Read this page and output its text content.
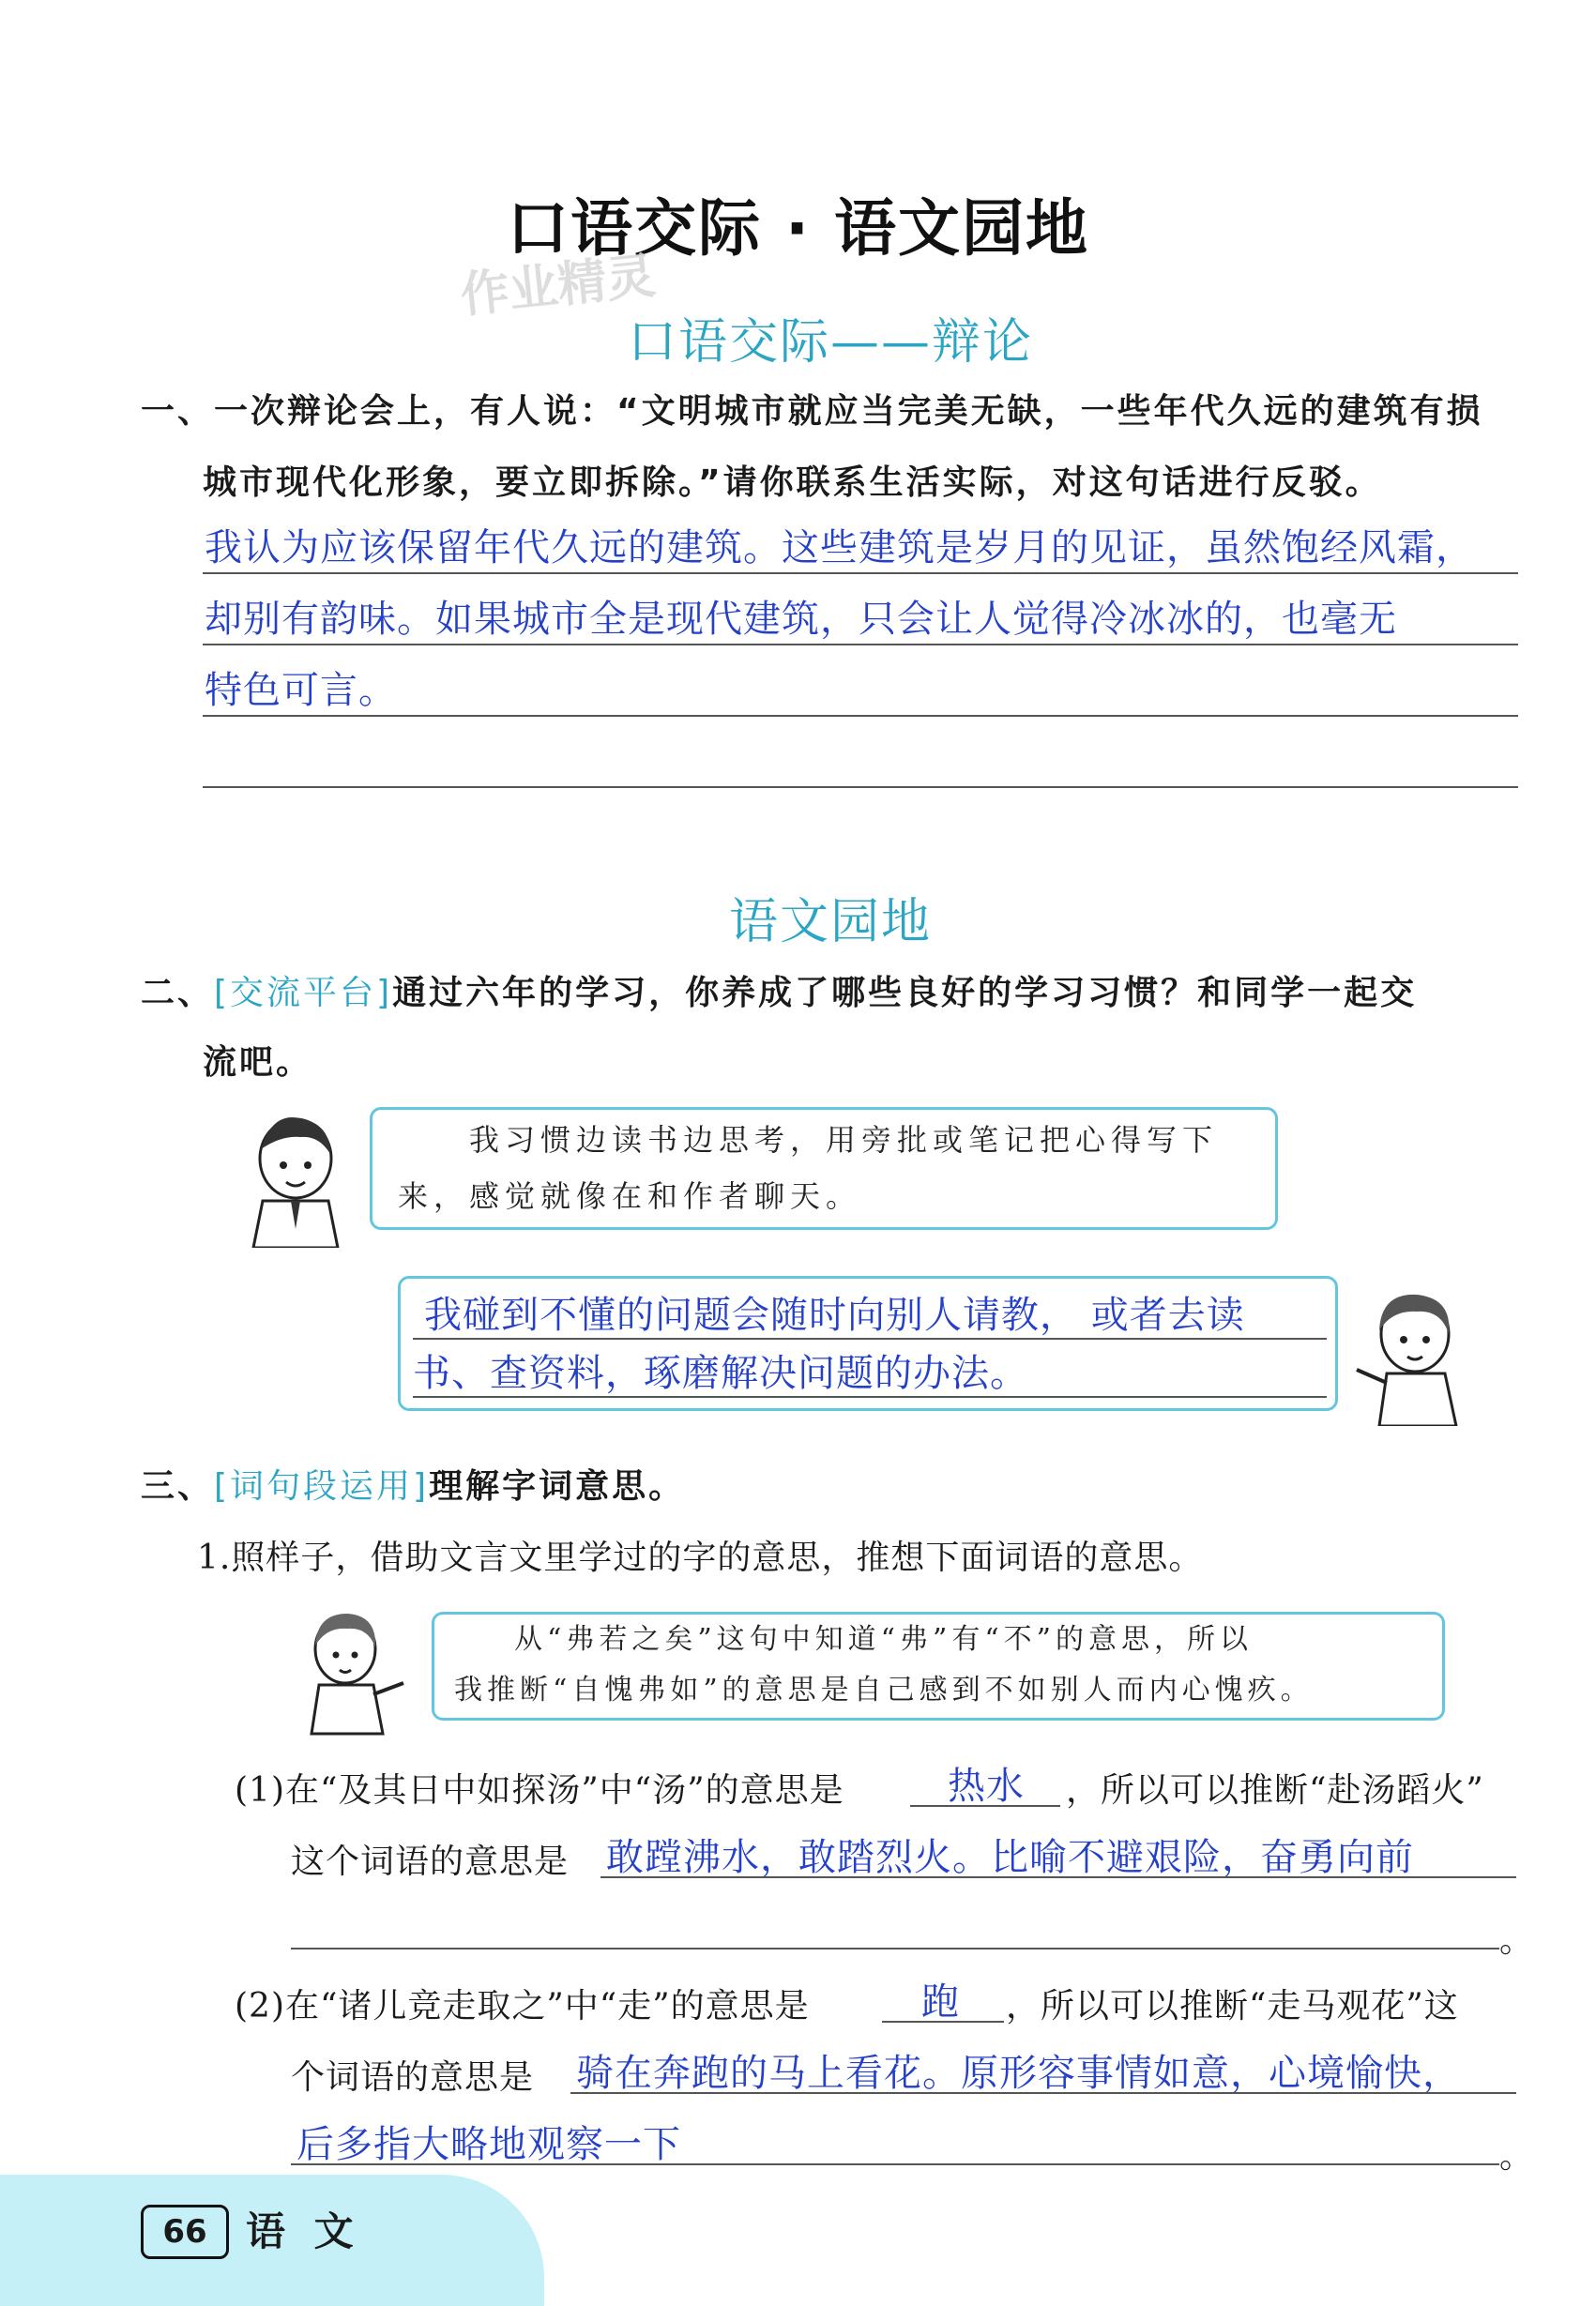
口语交际 · 语文园地
作业精灵
口语交际——辩论
一、一次辩论会上，有人说：“文明城市就应当完美无缺，一些年代久远的建筑有损
城市现代化形象，要立即拆除。”请你联系生活实际，对这句话进行反驳。
我认为应该保留年代久远的建筑。这些建筑是岁月的见证，虽然饱经风霜，
却别有韵味。如果城市全是现代建筑，只会让人觉得冷冰冰的，也毫无
特色可言。
语文园地
二、[交流平台]通过六年的学习，你养成了哪些良好的学习习惯？和同学一起交
流吧。
我习惯边读书边思考，用旁批或笔记把心得写下
来，感觉就像在和作者聊天。
我碰到不懂的问题会随时向别人请教， 或者去读
书、查资料，琢磨解决问题的办法。
三、[词句段运用]理解字词意思。
1.照样子，借助文言文里学过的字的意思，推想下面词语的意思。
从“弗若之矣”这句中知道“弗”有“不”的意思，所以
我推断“自愧弗如”的意思是自己感到不如别人而内心愧疚。
(1)在“及其日中如探汤”中“汤”的意思是	热水 ，所以可以推断“赴汤蹈火”
这个词语的意思是 敢蹚沸水，敢踏烈火。比喻不避艰险，奋勇向前
。
(2)在“诸儿竞走取之”中“走”的意思是	跑 ，所以可以推断“走马观花”这
个词语的意思是 骑在奔跑的马上看花。原形容事情如意，心境愉快，
后多指大略地观察一下	。
66 语 文
